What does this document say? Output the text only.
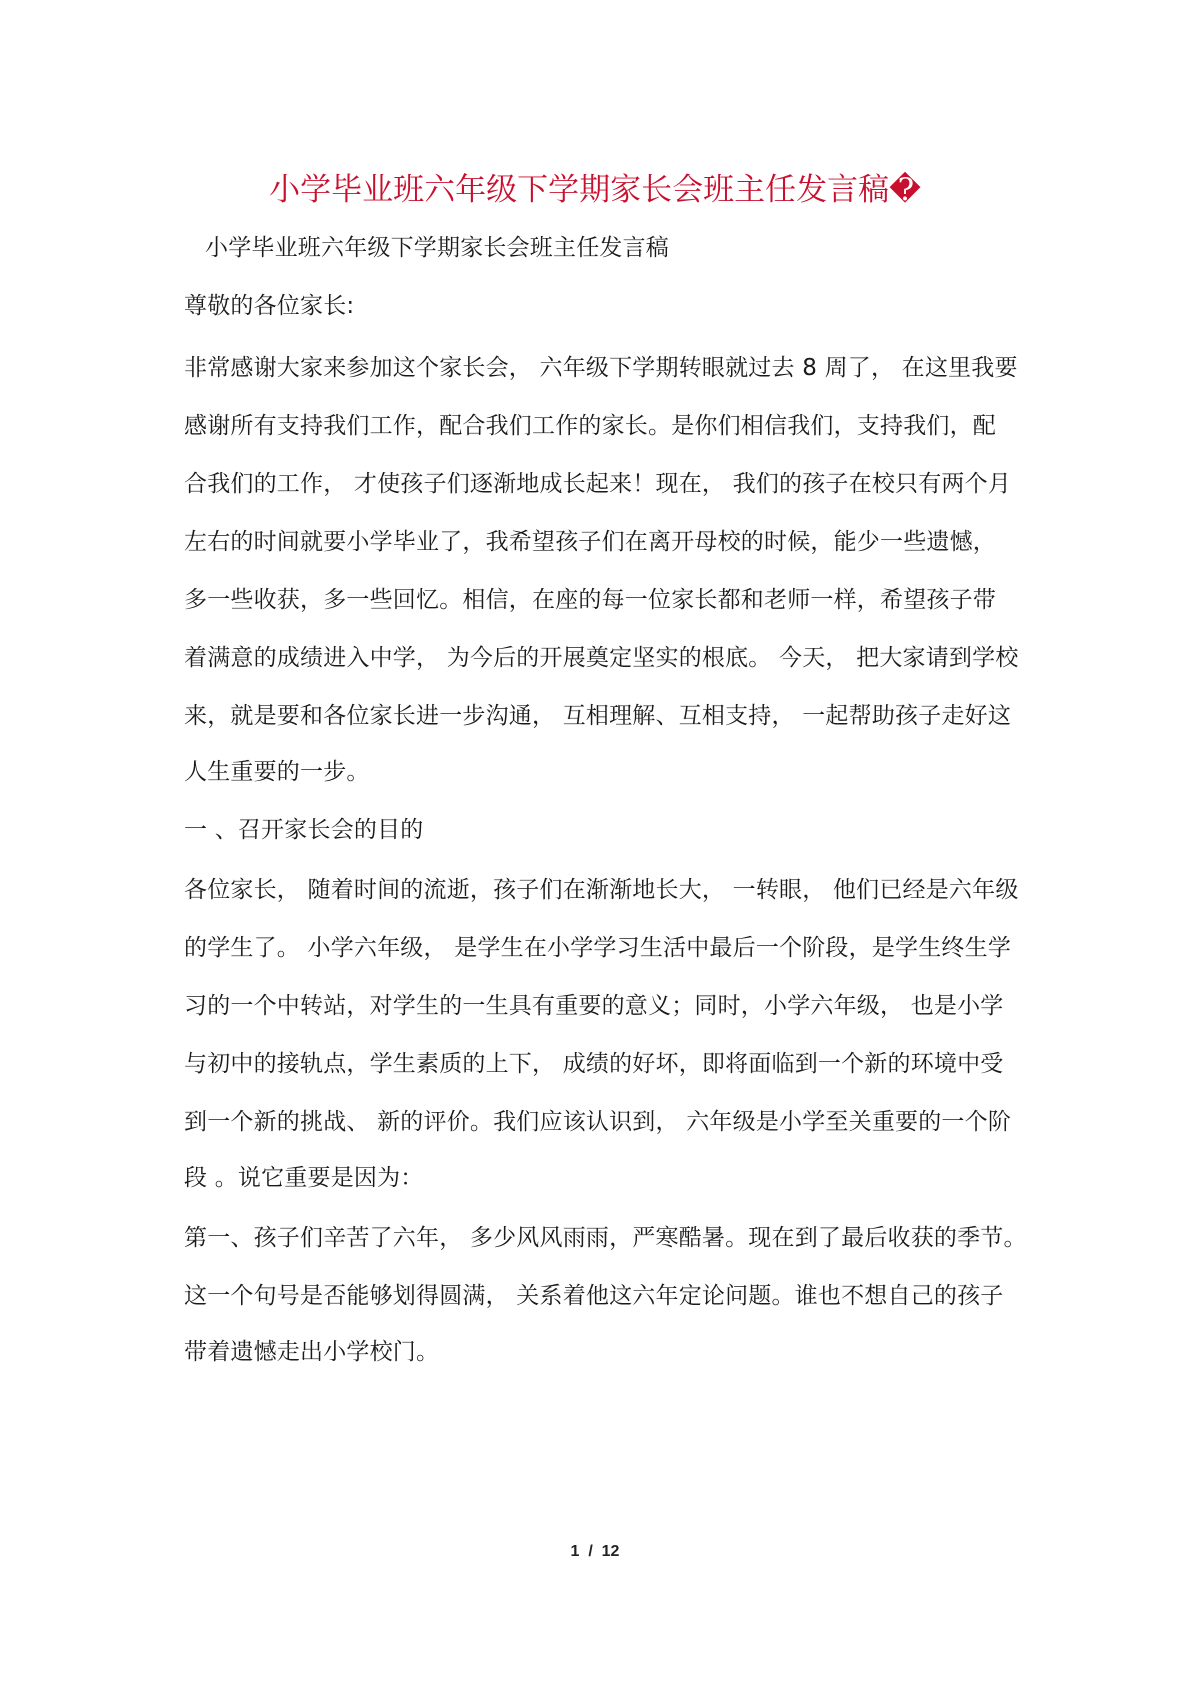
小学毕业班六年级下学期家长会班主任发言稿�
小学毕业班六年级下学期家长会班主任发言稿
尊敬的各位家长:
非常感谢大家来参加这个家长会， 六年级下学期转眼就过去 8 周了， 在这里我要
感谢所有支持我们工作，配合我们工作的家长。是你们相信我们，支持我们，配
合我们的工作， 才使孩子们逐渐地成长起来！现在， 我们的孩子在校只有两个月
左右的时间就要小学毕业了，我希望孩子们在离开母校的时候，能少一些遗憾，
多一些收获，多一些回忆。相信，在座的每一位家长都和老师一样，希望孩子带
着满意的成绩进入中学， 为今后的开展奠定坚实的根底。 今天， 把大家请到学校
来，就是要和各位家长进一步沟通， 互相理解、互相支持， 一起帮助孩子走好这
人生重要的一步。
一 、召开家长会的目的
各位家长， 随着时间的流逝，孩子们在渐渐地长大， 一转眼， 他们已经是六年级
的学生了。 小学六年级， 是学生在小学学习生活中最后一个阶段，是学生终生学
习的一个中转站，对学生的一生具有重要的意义；同时，小学六年级， 也是小学
与初中的接轨点，学生素质的上下， 成绩的好坏，即将面临到一个新的环境中受
到一个新的挑战、 新的评价。我们应该认识到， 六年级是小学至关重要的一个阶
段 。说它重要是因为：
第一、孩子们辛苦了六年， 多少风风雨雨，严寒酷暑。现在到了最后收获的季节。
这一个句号是否能够划得圆满， 关系着他这六年定论问题。谁也不想自己的孩子
带着遗憾走出小学校门。
1  /  12
